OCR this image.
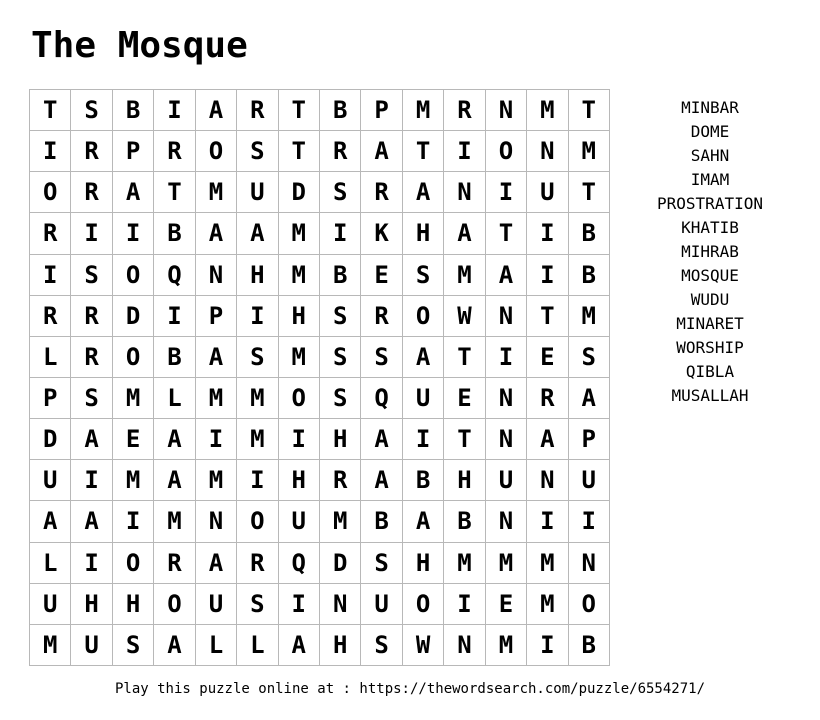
The Mosque
T	S	B	I	A	R	T	B	P	M	R	N	M	T
I	R	P	R	O	S	T	R	A	T	I	O	N	M
O	R	A	T	M	U	D	S	R	A	N	I	U	T
R	I	I	B	A	A	M	I	K	H	A	T	I	B
I	S	O	Q	N	H	M	B	E	S	M	A	I	B
R	R	D	I	P	I	H	S	R	O	W	N	T	M
L	R	O	B	A	S	M	S	S	A	T	I	E	S
P	S	M	L	M	M	O	S	Q	U	E	N	R	A
D	A	E	A	I	M	I	H	A	I	T	N	A	P
U	I	M	A	M	I	H	R	A	B	H	U	N	U
A	A	I	M	N	O	U	M	B	A	B	N	I	I
L	I	O	R	A	R	Q	D	S	H	M	M	M	N
U	H	H	O	U	S	I	N	U	O	I	E	M	O
M	U	S	A	L	L	A	H	S	W	N	M	I	B
MINBAR
DOME
SAHN
IMAM
PROSTRATION
KHATIB
MIHRAB
MOSQUE
WUDU
MINARET
WORSHIP
QIBLA
MUSALLAH
Play this puzzle online at : https://thewordsearch.com/puzzle/6554271/
